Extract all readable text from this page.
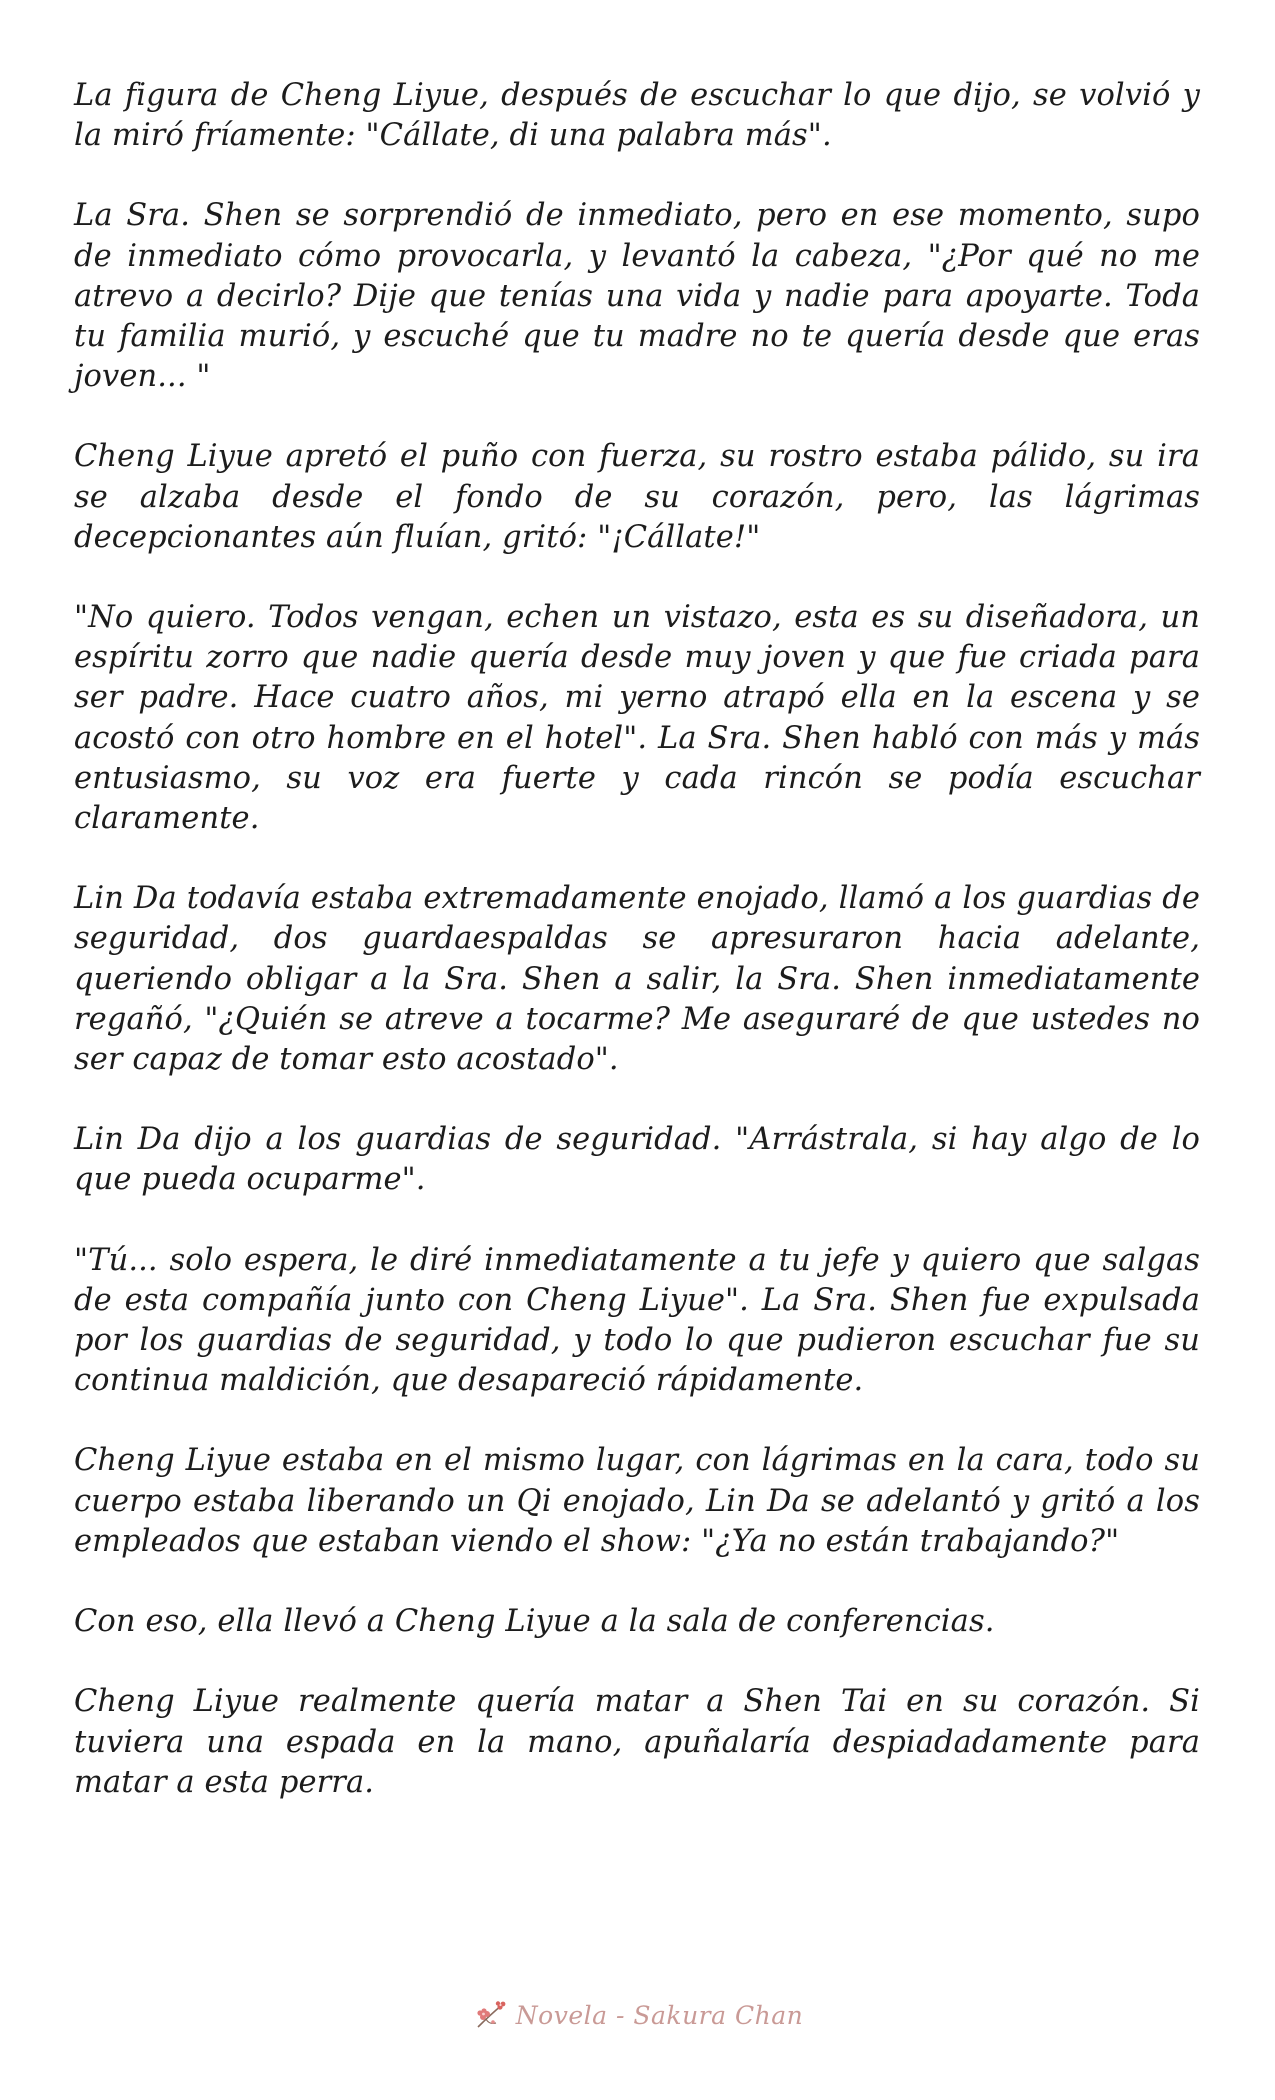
La figura de Cheng Liyue, después de escuchar lo que dijo, se volvió y la miró fríamente: "Cállate, di una palabra más".

La Sra. Shen se sorprendió de inmediato, pero en ese momento, supo de inmediato cómo provocarla, y levantó la cabeza, "¿Por qué no me atrevo a decirlo? Dije que tenías una vida y nadie para apoyarte. Toda tu familia murió, y escuché que tu madre no te quería desde que eras joven... "

Cheng Liyue apretó el puño con fuerza, su rostro estaba pálido, su ira se alzaba desde el fondo de su corazón, pero, las lágrimas decepcionantes aún fluían, gritó: "¡Cállate!"

"No quiero. Todos vengan, echen un vistazo, esta es su diseñadora, un espíritu zorro que nadie quería desde muy joven y que fue criada para ser padre. Hace cuatro años, mi yerno atrapó ella en la escena y se acostó con otro hombre en el hotel". La Sra. Shen habló con más y más entusiasmo, su voz era fuerte y cada rincón se podía escuchar claramente.

Lin Da todavía estaba extremadamente enojado, llamó a los guardias de seguridad, dos guardaespaldas se apresuraron hacia adelante, queriendo obligar a la Sra. Shen a salir, la Sra. Shen inmediatamente regañó, "¿Quién se atreve a tocarme? Me aseguraré de que ustedes no ser capaz de tomar esto acostado".

Lin Da dijo a los guardias de seguridad. "Arrástrala, si hay algo de lo que pueda ocuparme".

"Tú... solo espera, le diré inmediatamente a tu jefe y quiero que salgas de esta compañía junto con Cheng Liyue". La Sra. Shen fue expulsada por los guardias de seguridad, y todo lo que pudieron escuchar fue su continua maldición, que desapareció rápidamente.

Cheng Liyue estaba en el mismo lugar, con lágrimas en la cara, todo su cuerpo estaba liberando un Qi enojado, Lin Da se adelantó y gritó a los empleados que estaban viendo el show: "¿Ya no están trabajando?"

Con eso, ella llevó a Cheng Liyue a la sala de conferencias.

Cheng Liyue realmente quería matar a Shen Tai en su corazón. Si tuviera una espada en la mano, apuñalaría despiadadamente para matar a esta perra.

Novela - Sakura Chan
